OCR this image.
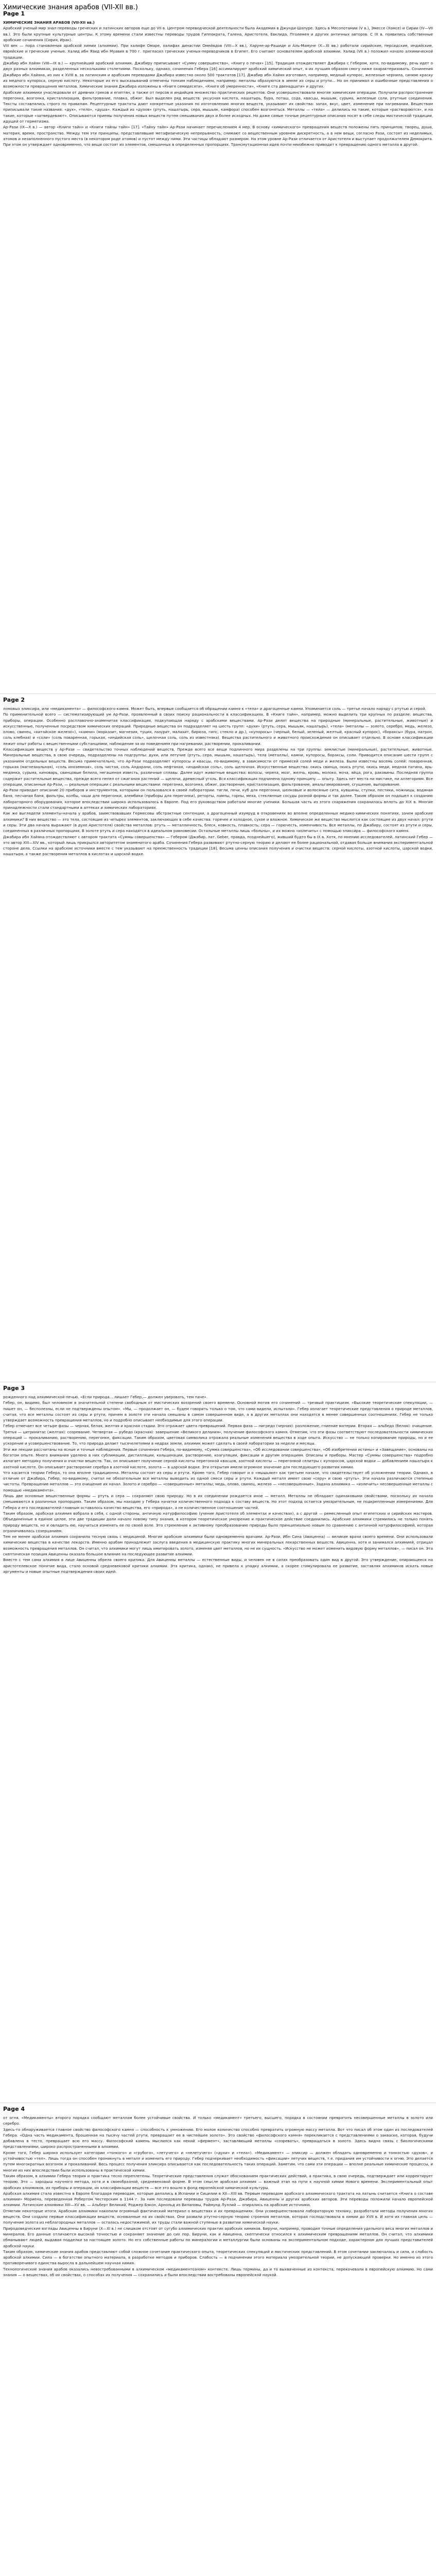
Химические знания арабов (VII-XII вв.)
Page 1

ХИМИЧЕСКИЕ ЗНАНИЯ АРАБОВ (VII-XII вв.)

Арабский ученый мир знал переводы греческих и латинских авторов еще до VII в. Центром переводческой деятельности была Академия в Джунди-Шапуре. Здесь в Месопотамии (V в.), Эмессе (Хомсе) и Сирии (IV—VII вв.). Это были крупные культурные центры. К этому времени стали известны переводы трудов Гиппократа, Галена, Аристотеля, Евклида, Птолемея и других античных авторов. С IX в. появились собственные арабские сочинения (Сирия, Ирак).

VIII век — пора становления арабской химии (алхимии). При халифе Омаре, халифах династии Омейядов (VIII—X вв.), Харуне-ар-Рашиде и Аль-Мамуне (X—XI вв.) работали сирийские, персидские, индийские, еврейские и греческие ученые. Халид ибн Язид ибн Муавия в 700 г. пригласил греческих ученых-переводчиков в Египет. Его считают основателем арабской алхимии. Халид (VII в.) положил начало алхимической традиции.

Джабир ибн Хайян (VIII—IX в.) — крупнейший арабский алхимик. Джабиру приписывают «Сумму совершенства», «Книгу о печах» [15]. Традиция отождествляет Джабира с Гебером, хотя, по-видимому, речь идет о двух разных алхимиках, разделенных несколькими столетиями. Поскольку, однако, сочинения Гебера [16] ассимилируют арабский химический опыт, я их лучшим образом смогу ниже охарактеризовать. Сочинения Джабира ибн Хайяна, из них к XVIII в. за латинским и арабским переводами Джабира известно около 500 трактатов [17]. Джабир ибн Хайян изготовил, например, медный купорос, железные чернила, синюю краску из медного купороса, серную кислоту. Некоторые из его высказываний отмечены тонким наблюдением, например: металлы образуются в земле из серы и ртути... Но он принимал и ошибочные представления о возможности превращения металлов. Химические знания Джабира изложены в «Книге семидесяти», «Книге об умеренности», «Книге ста двенадцати» и других.

Арабские алхимики унаследовали от древних греков и египтян, а также от персов и индийцев множество практических рецептов. Они усовершенствовали многие химические операции. Получили распространение перегонка, возгонка, кристаллизация, фильтрование, плавка, обжиг. Был выделен ряд веществ: уксусная кислота, нашатырь, бура, поташ, сода, квасцы, мышьяк, сурьма, железные соли, ртутные соединения. Тексты составлялись строго по правилам. Рецептурные трактаты дают конкретные указания по изготовлению многих веществ, указывают их свойства: запах, вкус, цвет, изменение при нагревании. Веществам приписывали такие названия: «дух», «тело», «душа». Каждый из «духов» (ртуть, нашатырь, сера, мышьяк, камфора) способен возгоняться. Металлы — «тела» — делились на такие, которые «растворяются», и на такие, которые «затвердевают». Описываются приемы получения новых веществ путем смешивания двух и более исходных. Но даже самые точные рецептурные описания носят в себе следы мистической традиции, идущей от герметизма.

Ар-Рази (IX—X в.) — автор «Книги тайн» и «Книги тайны тайн» [17]. «Тайну тайн» Ар-Рази начинает перечислением 4 мер. В основу «химического» превращения веществ положены пять принципов: творец, душа, материя, время, пространство. Между тем эти принципы, представлявшие метафизическую непрерывность, снимают со вещественным уровнем дискретность, а в нем вещи, согласно Рази, состоят из неделимых, атомов и незаполненного пустого места (в некотором роде атомов) и пустот между ними. Эти частицы обладают размером. На этом уровне Ар-Рази отличается от Аристотеля и выступает продолжателем Демокрита. При этом он утверждает одновременно, что вещи состоят из элементов, смешанных в определенных пропорциях. Трансмутационная идея почти неизбежно приводит к превращению одного металла в другой.

Page 2

ломовых эликсира, или «медикамента» — философского камня. Может быть, впервые сообщается об обращении камня к «тела» и драгоценные камни. Упоминается соль — третье начало наряду с ртутью и серой.

По применительной всего — систематизирующий ум Ар-Рази, проявленный в своих поиску рациональности в классификациях. В «Книге тайн», например, можно выделить три крупных по разделе: вещества, приборы, операции. Особенно расплавочно-знаменитая классификация, подкупающая наряду с арабскими веществами. Ар-Рази делит вещества на природные (минеральные, растительные, животные) и искусственные, полученные посредством химических операций. Природные вещества он подразделяет на шесть групп: «духи» (ртуть, сера, мышьяк, нашатырь), «тела» (металлы — золото, серебро, медь, железо, олово, свинец, «китайское железо»), «камни» (марказит, магнезия, туция, лазурит, малахит, бирюза, гипс, стекло и др.), «купоросы» (черный, белый, зеленый, желтый, красный купорос), «бораксы» (бура, натрон, соль хлебная) и «соли» (соль поваренная, горькая, «индийская соль», щелочная соль, соль из известняка). Вещества растительного и животного происхождения он описывает отдельно. В основе классификации лежит опыт работы с вещественными субстанциями, наблюдение за их поведением при нагревании, растворении, прокаливании.

Классификация веществ у Ар-Рази — свидетельство точных наблюдений веществ. Прежде всего все вещи подлинного мира разделены на три группы: землистые (минеральные), растительные, животные. Минеральные вещества, в свою очередь, подразделены на подгруппы: духи, или летучие (ртуть, сера, мышьяк, нашатырь), тела (металлы), камни, купоросы, бораксы, соли. Приводится описание шести групп с указанием отдельных веществ. Весьма примечательно, что Ар-Рази подразделяет купоросы и квасцы, по-видимому, в зависимости от примесей солей меди и железа. Были известны восемь солей: поваренная, горькая (магнезиальная), «соль иноземная», соль чистая, соль Андарани, соль нефтяная, «индийская соль», соль щелочная. Искусственные вещества: окись свинца, окись ртути, окись меди, медная патина, ярь-медянка, сурьма, киноварь, свинцовые белила, негашеная известь, различные сплавы. Далее идут животные вещества: волосы, черепа, мозг, желчь, кровь, молоко, моча, яйца, рога, раковины. Последняя группа содержит растительные вещества, прежде всего пепел от сжигания растений — щелочи, древесный уголь. Вся классификация подчинена одному принципу — опыту. Здесь нет места ни мистике, ни аллегориям. Все операции, описанные Ар-Рази, — реальные операции с реальными веществами: перегонка, возгонка, обжиг, растворение, кристаллизация, фильтрование, амальгамирование, сгущение, выпаривание.

Ар-Рази приводит описание 20 приборов и инструментов, которыми он пользовался в своей лаборатории: тигли, печи, куб для перегонки, шелковые и волосяные сита, кувшины, ступки, пестики, ножницы, водяная баня, песчаная баня, фильтры, колбы, чаши для перегонки, алембики (приборы для перегонки), реторты, лампы, горны, меха, стеклянные сосуды разной формы и так далее. Таким образом он подошел к созданию лабораторного оборудования, которое впоследствии широко использовалось в Европе. Под его руководством работали многие ученики. Большая часть из этого снаряжения сохранилась вплоть до XIX в. Многие принадлежности стали стандартными в аптеках и химических лабораториях.

Как же выглядели элементы-начала у арабов, заимствовавших Гермесовы абстрактные сентенции, а драгоценный изумруд в откровениях во вполне определенных медико-химических понятиях, зачем арабские алхимики? В них вещество — это тела, состоящие из четырех элементов, заключающих в себе качества: горячее и холодное, сухое и влажное. Химическое же вещество мыслится как состоящее из двух начал: ртути и серы. Эти два начала выражают (в духе Аристотеля) свойства металлов: ртуть — металличность, блеск, ковкость, плавкость; сера — горючесть, изменчивость. Все металлы, по Джабиру, состоят из ртути и серы, соединенных в различных пропорциях. В золоте ртуть и сера находятся в идеальном равновесии. Остальные металлы лишь «больны», и их можно «излечить» с помощью эликсира — философского камня.

Джабира ибн Хайяна отождествляют с автором трактата «Суммы совершенства» — Гебером (Джабир, лат. Geber, правда, позднейшего), живший будто бы в IX в. Хотя, по мнению исследователей, латинский Гебер — это автор XIII—XIV вв., который лишь прикрылся авторитетом знаменитого араба. Сочинения Гебера развивают ртутно-серную теорию и делают ее более рациональной, отдавая больше внимания экспериментальной стороне дела. Ссылки на арабские источники вместе с тем указывают на преемственность традиции [18]. Весьма ценны описания получения и очистки веществ: серной кислоты, азотной кислоты, царской водки, нашатыря, а также растворения металлов в кислотах и царской водке.

Page 3

рожденного над алхимической печью. «Если природа... лишает Гебер,— должен уверовать, тем паче».

Гебер, он, видимо, был человеком в значительной степени свободным от мистических воззрений своего времени. Основной мотив его сочинений — трезвый практицизм. «Высокие теоретические спекуляции, — пишет он, — бесполезны, если не подтверждены опытом». «Мы, — продолжает он, — будем говорить только о том, что сами видели, испытали». Гебер излагает теоретические представления о природе металлов, считая, что все металлы состоят из серы и ртути, причем в золоте эти начала смешаны в самом совершенном виде, а в других металлах они находятся в менее совершенных соотношениях. Гебер не только утверждает возможность превращения металлов, но и подробно описывает необходимые для этого операции.

Гебер отмечает все четыре фазы — черная, белая, желтая и красная стадии. Это отражает цвета превращений. Первая фаза — нигредо (черная): разложение, гниение материи. Вторая — альбедо (белая): очищение. Третья — цитринитас (желтая): созревание. Четвертая — рубедо (красная): завершение «Великого делания», получение философского камня. Отметим, что эти фазы соответствуют последовательности химических операций — прокаливанию, растворению, перегонке, фиксации. Таким образом, цветовая символика отражала реальные изменения вещества в ходе опыта. Искусство — не только копирование природы, но и ее ускорение и усовершенствование. То, что природа делает тысячелетиями в недрах земли, алхимик может сделать в своей лаборатории за недели и месяцы.

Эти же лекции рассчитаны на ясные и точные наблюдения. Первые сочинения Гебера, по-видимому, «Сумма совершенства», «Об исследовании совершенства», «Об изобретении истины» и «Завещание», основаны на богатом опыте. Много внимания уделено в них сублимации, дистилляции, кальцинации, растворению, коагуляции, фиксации и другим операциям. Описаны и приборы. Мастер «Суммы совершенства» подробно излагает методику получения и очистки веществ. Так, он описывает получение серной кислоты перегонкой квасцов, азотной кислоты — перегонкой селитры с купоросом, царской водки — добавлением нашатыря к азотной кислоте. Он описывает растворение серебра в азотной кислоте, золота — в царской водке. Эти открытия имели огромное значение для последующего развития химии.

Что касается теории Гебера, то она вполне традиционна. Металлы состоят из серы и ртути. Кроме того, Гебер говорит и о «мышьяке» как третьем начале, что свидетельствует об усложнении теории. Однако, в отличие от Джабира, Гебер, по-видимому, считал не обязательным все металлы выводить из одной смеси серы и ртути. Каждый металл имеет свою «серу» и свою «ртуть». Эти начала различаются степенью чистоты. Превращение металлов — это очищение их начал. Золото и серебро — «совершенные» металлы; медь, олово, свинец, железо — «несовершенные». Задача алхимика — «излечить» несовершенные металлы с помощью «медикамента».

Лишь две основные вещественные формы — ртуть и сера — сохраняют свою природу. Но в их соединении рождается иное — металл. Металлы не обладают одинаковыми свойствами, поскольку их начала смешиваются в различных пропорциях. Таким образом, мы находим у Гебера начатки количественного подхода к составу веществ. Но этот подход остается умозрительным, не подкрепленным измерениями. Для Гебера и его последователей главным оставалось качество вещества, его «природа», а не количественное соотношение частей.

Таким образом, арабская алхимия вобрала в себя, с одной стороны, античную натурфилософию (учение Аристотеля об элементах и качествах), а с другой — ремесленный опыт египетских и сирийских мастеров. Объединенные в единое целое, эти две традиции дали начало новому типу знания, в котором теоретическое умозрение и практическое действие соединились. Арабские алхимики стремились не только понять природу веществ, но и овладеть ею, научиться изменять ее по своей воле. Это стремление к активному преобразованию природы было принципиально новым по сравнению с античной натурфилософией, которая ограничивалась созерцанием.

Тем не менее арабская алхимия сохранила тесную связь с медициной. Многие арабские алхимики были одновременно врачами. Ар-Рази, Ибн Сина (Авиценна) — великие врачи своего времени. Они использовали химические вещества в качестве лекарств. Именно арабам принадлежит заслуга введения в медицинскую практику многих минеральных лекарственных веществ. Авиценна, хотя и занимался алхимией, отрицал возможность превращения металлов. Он считал, что алхимики могут лишь имитировать золото, изменяя цвет металлов, но не их сущность. «Искусство не может изменить видовую форму металлов», — писал он. Эта скептическая позиция Авиценны оказала большое влияние на последующее развитие алхимии.

Вместе с тем сама алхимия в лице Авиценны обрела своего критика. Для Авиценны металлы — естественные виды, и человек не в силах преобразовать один вид в другой. Это утверждение, опирающееся на аристотелевское понятие вида, стало основой средневековой критики алхимии. Эта критика, однако, не привела к упадку алхимии, а скорее стимулировала ее развитие, заставляя алхимиков искать новые аргументы и новые опытные подтверждения своих идей.

Page 4

от огня. «Медикаменты» второго порядка сообщают металлам более устойчивые свойства. И только «медикамент» третьего, высшего, порядка в состоянии превратить несовершенные металлы в золото или серебро.

Здесь-то обнаруживается главное свойство философского камня — способность к умножению. Его малое количество способно превратить огромную массу металла. Вот что писал об этом один из последователей Гебера: «Одна часть медикамента, брошенная на тысячу частей ртути, превращает ее в чистейшее золото». Это свойство «философского камня» перекликается с представлениями о закваске, которая, будучи добавлена в тесто, превращает всю его массу. Философский камень мыслился как некий «фермент», заставляющий металлы «созревать», превращаться в золото. Здесь видна связь с биологическими представлениями, широко распространенными в алхимии.

Кроме того, Гебер широко использует категории «тонкого» и «грубого», «летучего» и «нелетучего» («духи» и «тела»). «Медикамент» — эликсир — должен обладать одновременно и тонкостью «духов», и устойчивостью «тел». Лишь тогда он способен проникнуть в металл и изменить его природу. Гебер подчеркивает необходимость «фиксации» летучих веществ, т.е. придания им устойчивости к огню. Это делается путем многократных возгонок и прокаливаний. Весь процесс получения эликсира описывается как последовательность таких операций. Заметим, что сами эти операции — вполне реальные химические процессы, и многие из них впоследствии были использованы в практической химии.

Таким образом, в алхимии Гебера теория и практика тесно переплетены. Теоретические представления служат обоснованием практических действий, а практика, в свою очередь, подтверждает или корректирует теорию. Это — зародыш научного метода, хотя и в своеобразной, средневековой форме. В этом смысле арабская алхимия — важный этап на пути к научной химии Нового времени. Экспериментальный опыт арабских алхимиков, их приборы и операции, их классификации веществ — все это вошло в фонд европейской химической культуры.

Арабская алхимия стала известна в Европе благодаря переводам, которые делались в Испании и Сицилии в XII—XIII вв. Первым переводом арабского алхимического трактата на латынь считается «Книга о составе алхимии» Мориена, переведенная Робертом Честерским в 1144 г. За ним последовали переводы трудов Ар-Рази, Джабира, Авиценны и других арабских авторов. Эти переводы положили начало европейской алхимии. Латинские алхимики XIII—XV вв. — Альберт Великий, Роджер Бэкон, Арнольд из Вилановы, Раймунд Луллий — опирались на арабские источники.

Отметим некоторые итоги. Арабские алхимики накопили огромный фактический материал о веществах и их превращениях. Они усовершенствовали лабораторную технику, разработали методы получения многих веществ. Они создали первые классификации веществ, основанные на их свойствах. Они развили ртутно-серную теорию строения металлов, которая господствовала в химии до XVII в. И хотя их главная цель — получение золота из неблагородных металлов — осталась недостижимой, их труды стали важной ступенью в развитии химической науки.

Природоведческие взгляды Авиценны в Бируни (X—XI в.) не слишком отстоят от сугубо алхимических практик арабских химиков. Бируни, например, проводил точные определения удельного веса многих металлов и минералов. Его данные отличаются высокой точностью и сохраняют значение до сих пор. Бируни, как и Авиценна, скептически относился к алхимическим превращениям металлов. Он считал, что алхимики обманывают людей, выдавая подделки за настоящее золото. Но его собственные работы по минералогии и металлургии были основаны на экспериментальном подходе, характерном для лучших представителей арабской науки.

Таким образом, химические знания арабов представляют собой сложное сочетание практического опыта, теоретических спекуляций и мистических представлений. В этом сочетании заключалась и сила, и слабость арабской алхимии. Сила — в богатстве опытного материала, в разработке методов и приборов. Слабость — в подчинении этого материала умозрительной теории, не допускающей проверки. Но именно из этого противоречивого единства выросла в дальнейшем научная химия.

Технологические знания арабов оказались невостребованными в алхимическом «медикаментозном» контексте. Лишь термины, да и то выхваченные из контекста, перекочевали в европейскую алхимию. Но сами знания — о веществах, об их свойствах, о способах их получения — сохранились и были впоследствии востребованы европейской наукой.
